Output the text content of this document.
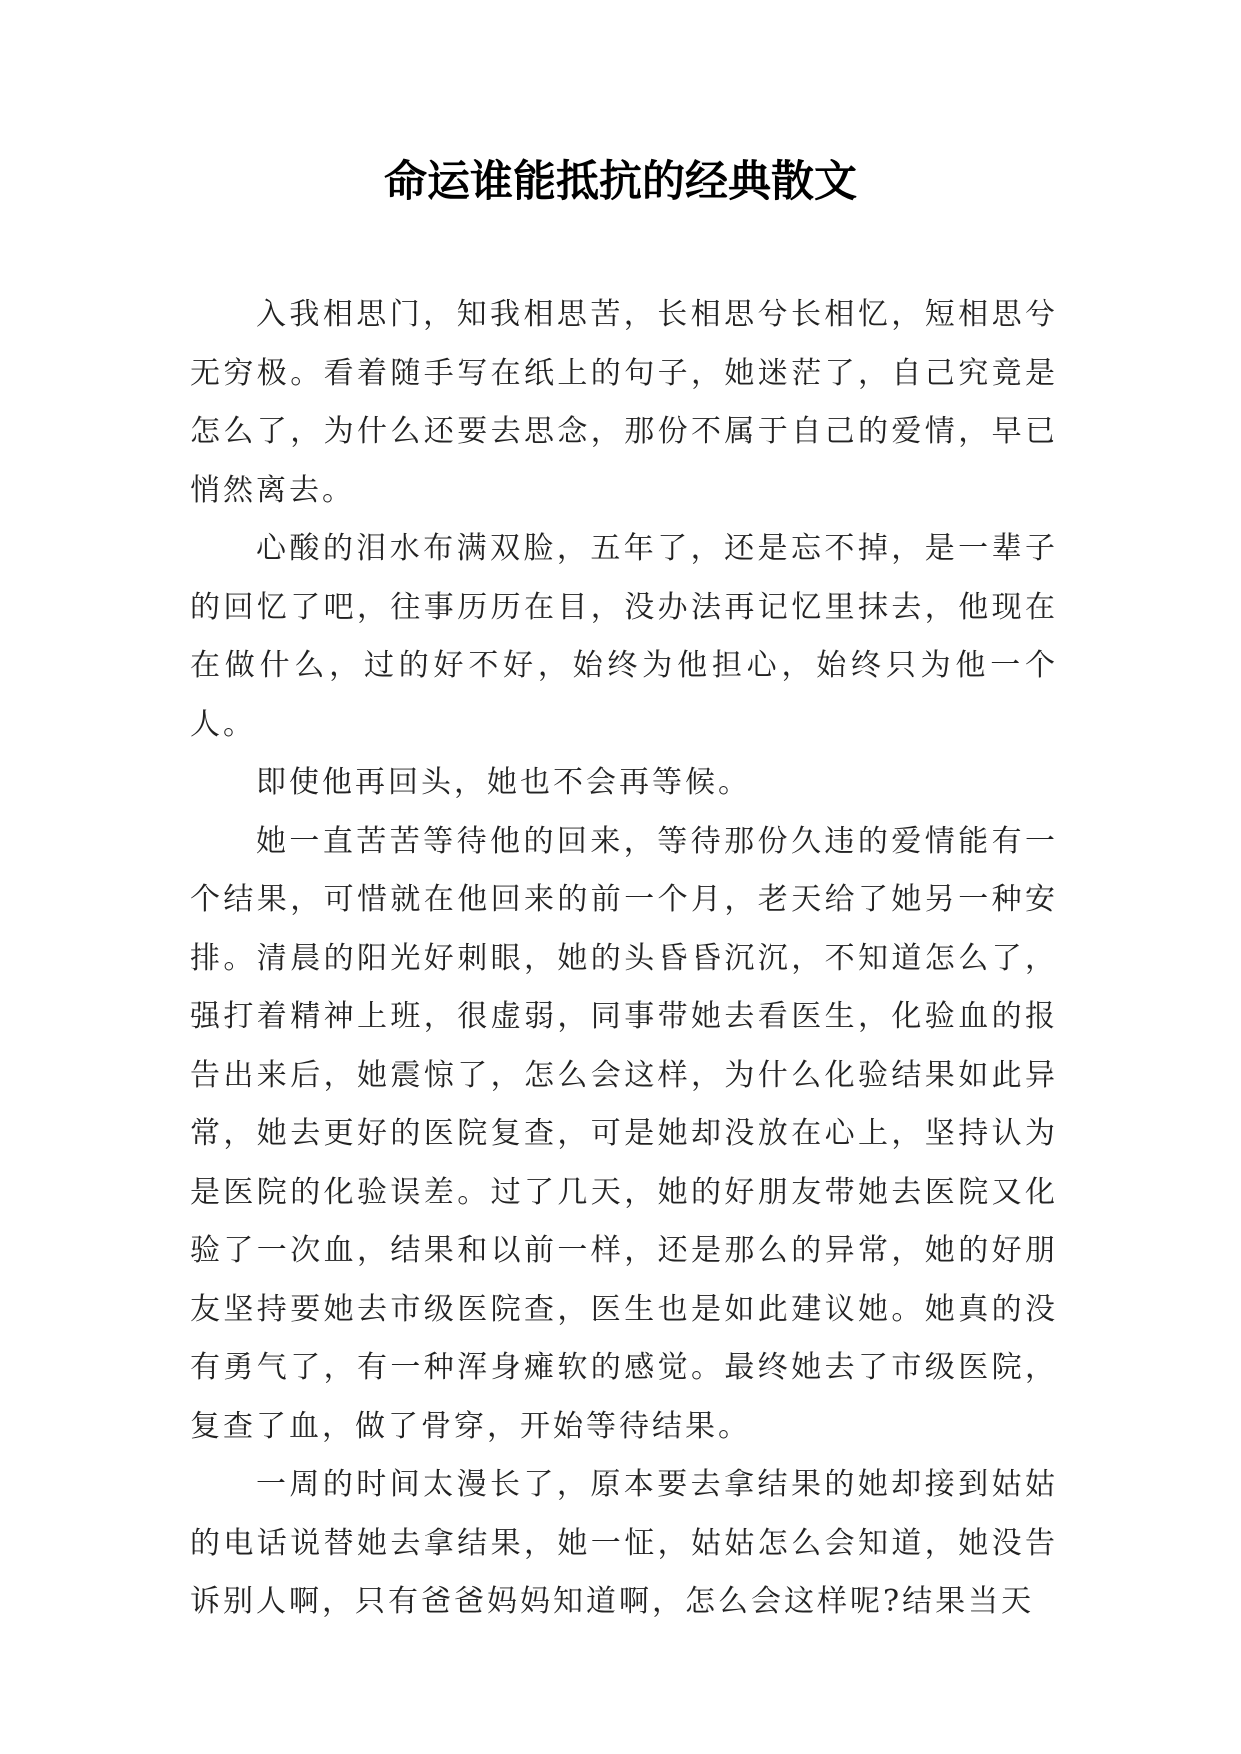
命运谁能抵抗的经典散文

入我相思门，知我相思苦，长相思兮长相忆，短相思兮无穷极。看着随手写在纸上的句子，她迷茫了，自己究竟是怎么了，为什么还要去思念，那份不属于自己的爱情，早已悄然离去。

心酸的泪水布满双脸，五年了，还是忘不掉，是一辈子的回忆了吧，往事历历在目，没办法再记忆里抹去，他现在在做什么，过的好不好，始终为他担心，始终只为他一个人。

即使他再回头，她也不会再等候。

她一直苦苦等待他的回来，等待那份久违的爱情能有一个结果，可惜就在他回来的前一个月，老天给了她另一种安排。清晨的阳光好刺眼，她的头昏昏沉沉，不知道怎么了，强打着精神上班，很虚弱，同事带她去看医生，化验血的报告出来后，她震惊了，怎么会这样，为什么化验结果如此异常，她去更好的医院复查，可是她却没放在心上，坚持认为是医院的化验误差。过了几天，她的好朋友带她去医院又化验了一次血，结果和以前一样，还是那么的异常，她的好朋友坚持要她去市级医院查，医生也是如此建议她。她真的没有勇气了，有一种浑身瘫软的感觉。最终她去了市级医院，复查了血，做了骨穿，开始等待结果。

一周的时间太漫长了，原本要去拿结果的她却接到姑姑的电话说替她去拿结果，她一怔，姑姑怎么会知道，她没告诉别人啊，只有爸爸妈妈知道啊，怎么会这样呢?结果当天
